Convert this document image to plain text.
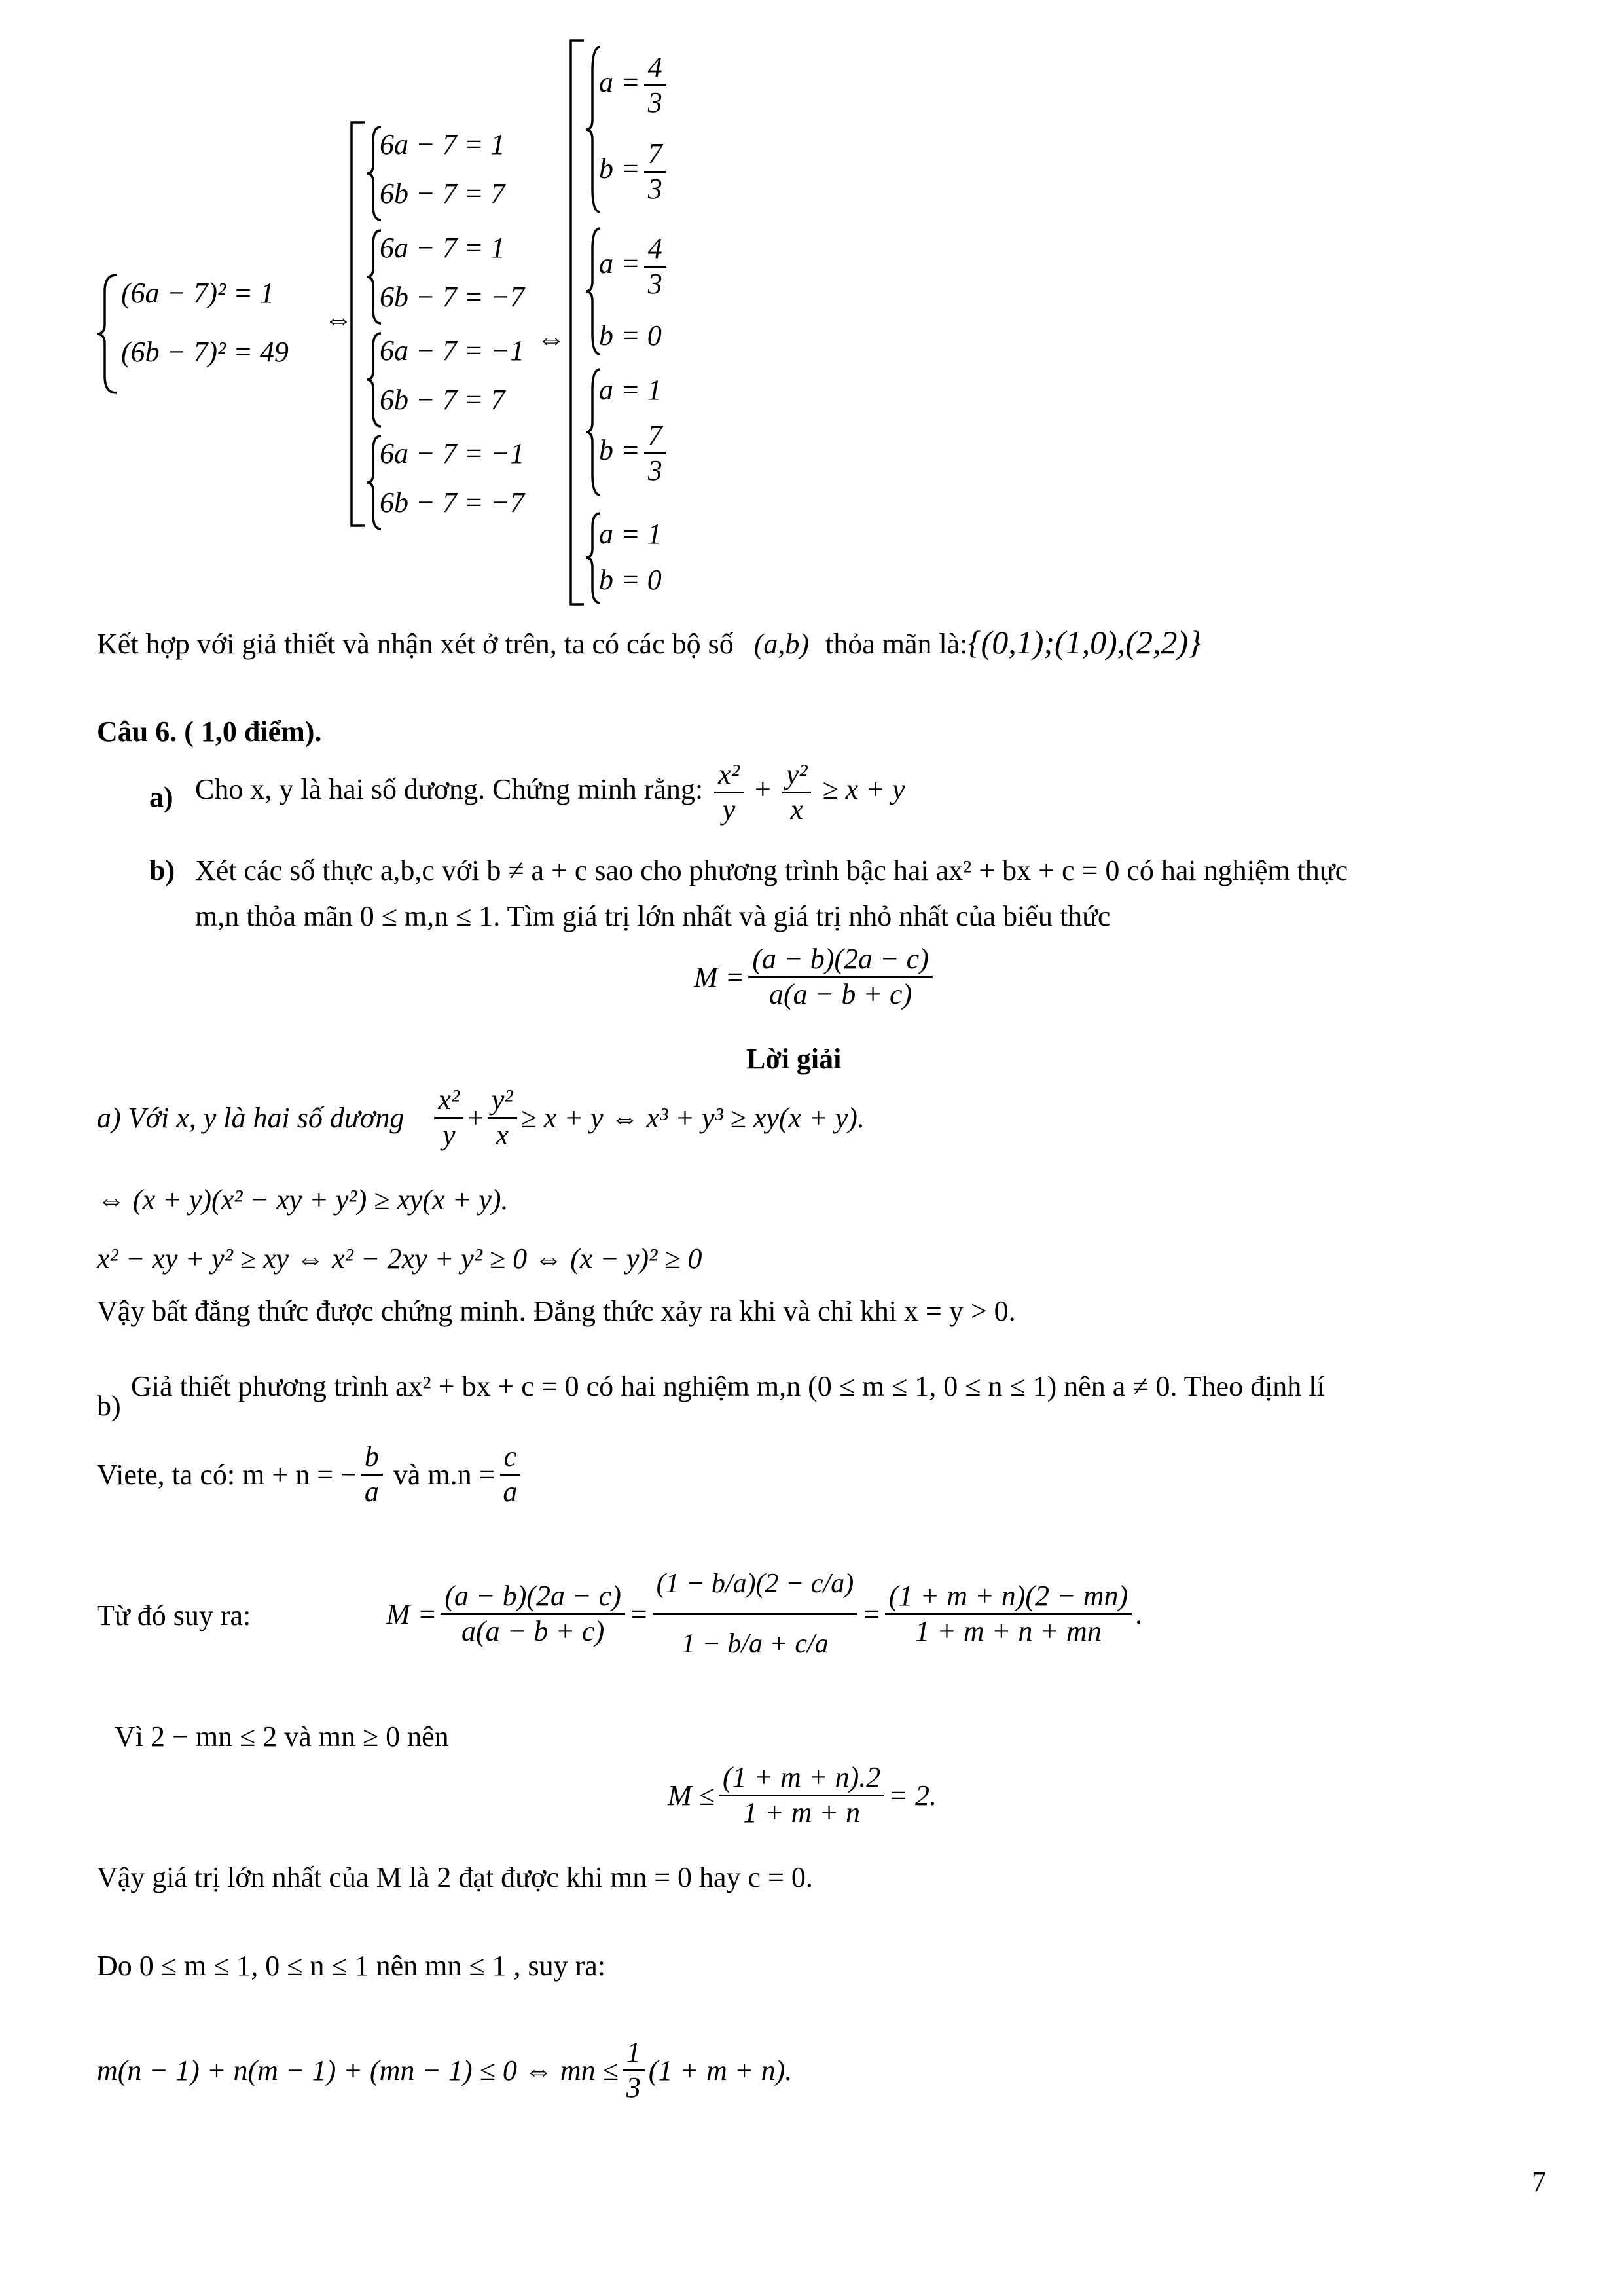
(6a − 7)² = 1
(6b − 7)² = 49
⇔
6a − 7 = 1
6b − 7 = 7
6a − 7 = 1
6b − 7 = −7
6a − 7 = −1
6b − 7 = 7
6a − 7 = −1
6b − 7 = −7
⇔
$a = \frac{4}{3}$
$b = \frac{7}{3}$
$a = \frac{4}{3}$
b = 0
a = 1
$b = \frac{7}{3}$
a = 1
b = 0
Kết hợp với giả thiết và nhận xét ở trên, ta có các bộ số (a,b) thỏa mãn là:{(0,1);(1,0),(2,2)}
Câu 6. ( 1,0 điểm).
a) Cho x, y là hai số dương. Chứng minh rằng: $\frac{\text{x²}}{y} + \frac{\text{y²}}{x} \ge x + y$
b) Xét các số thực a,b,c với b ≠ a + c sao cho phương trình bậc hai ax² + bx + c = 0 có hai nghiệm thực
m,n thỏa mãn 0 ≤ m,n ≤ 1. Tìm giá trị lớn nhất và giá trị nhỏ nhất của biểu thức
$M = \frac{(a - b)(2a - c)}{a(a - b + c)}$
Lời giải
a) Với x, y là hai số dương $\frac{\text{x²}}{y} + \frac{\text{y²}}{x} \ge x + y$ ⇔ x³ + y³ ≥ xy(x + y).
⇔ (x + y)(x² − xy + y²) ≥ xy(x + y).
x² − xy + y² ≥ xy ⇔ x² − 2xy + y² ≥ 0 ⇔ (x − y)² ≥ 0
Vậy bất đẳng thức được chứng minh. Đẳng thức xảy ra khi và chỉ khi x = y > 0.
b)
Giả thiết phương trình ax² + bx + c = 0 có hai nghiệm m,n (0 ≤ m ≤ 1, 0 ≤ n ≤ 1) nên a ≠ 0. Theo định lí
Viete, ta có: m + n = − $\frac{b}{a}$ và $m.n = \frac{c}{a}$
Từ đó suy ra:	$M = \frac{(a - b)(2a - c)}{a(a - b + c)} = \frac{(1 - b/a)(2 - c/a)}{1 - b/a + c/a} = \frac{(1 + m + n)(2 - mn)}{1 + m + n + mn}$ .
Vì 2 − mn ≤ 2 và mn ≥ 0 nên
$M \le \frac{(1 + m + n).2}{1 + m + n} = 2$.
Vậy giá trị lớn nhất của M là 2 đạt được khi mn = 0 hay c = 0.
Do 0 ≤ m ≤ 1, 0 ≤ n ≤ 1 nên mn ≤ 1 , suy ra:
m(n − 1) + n(m − 1) + (mn − 1) ≤ 0 ⇔ mn ≤ $\frac{1}{3} (1 + m + n)$.
7
